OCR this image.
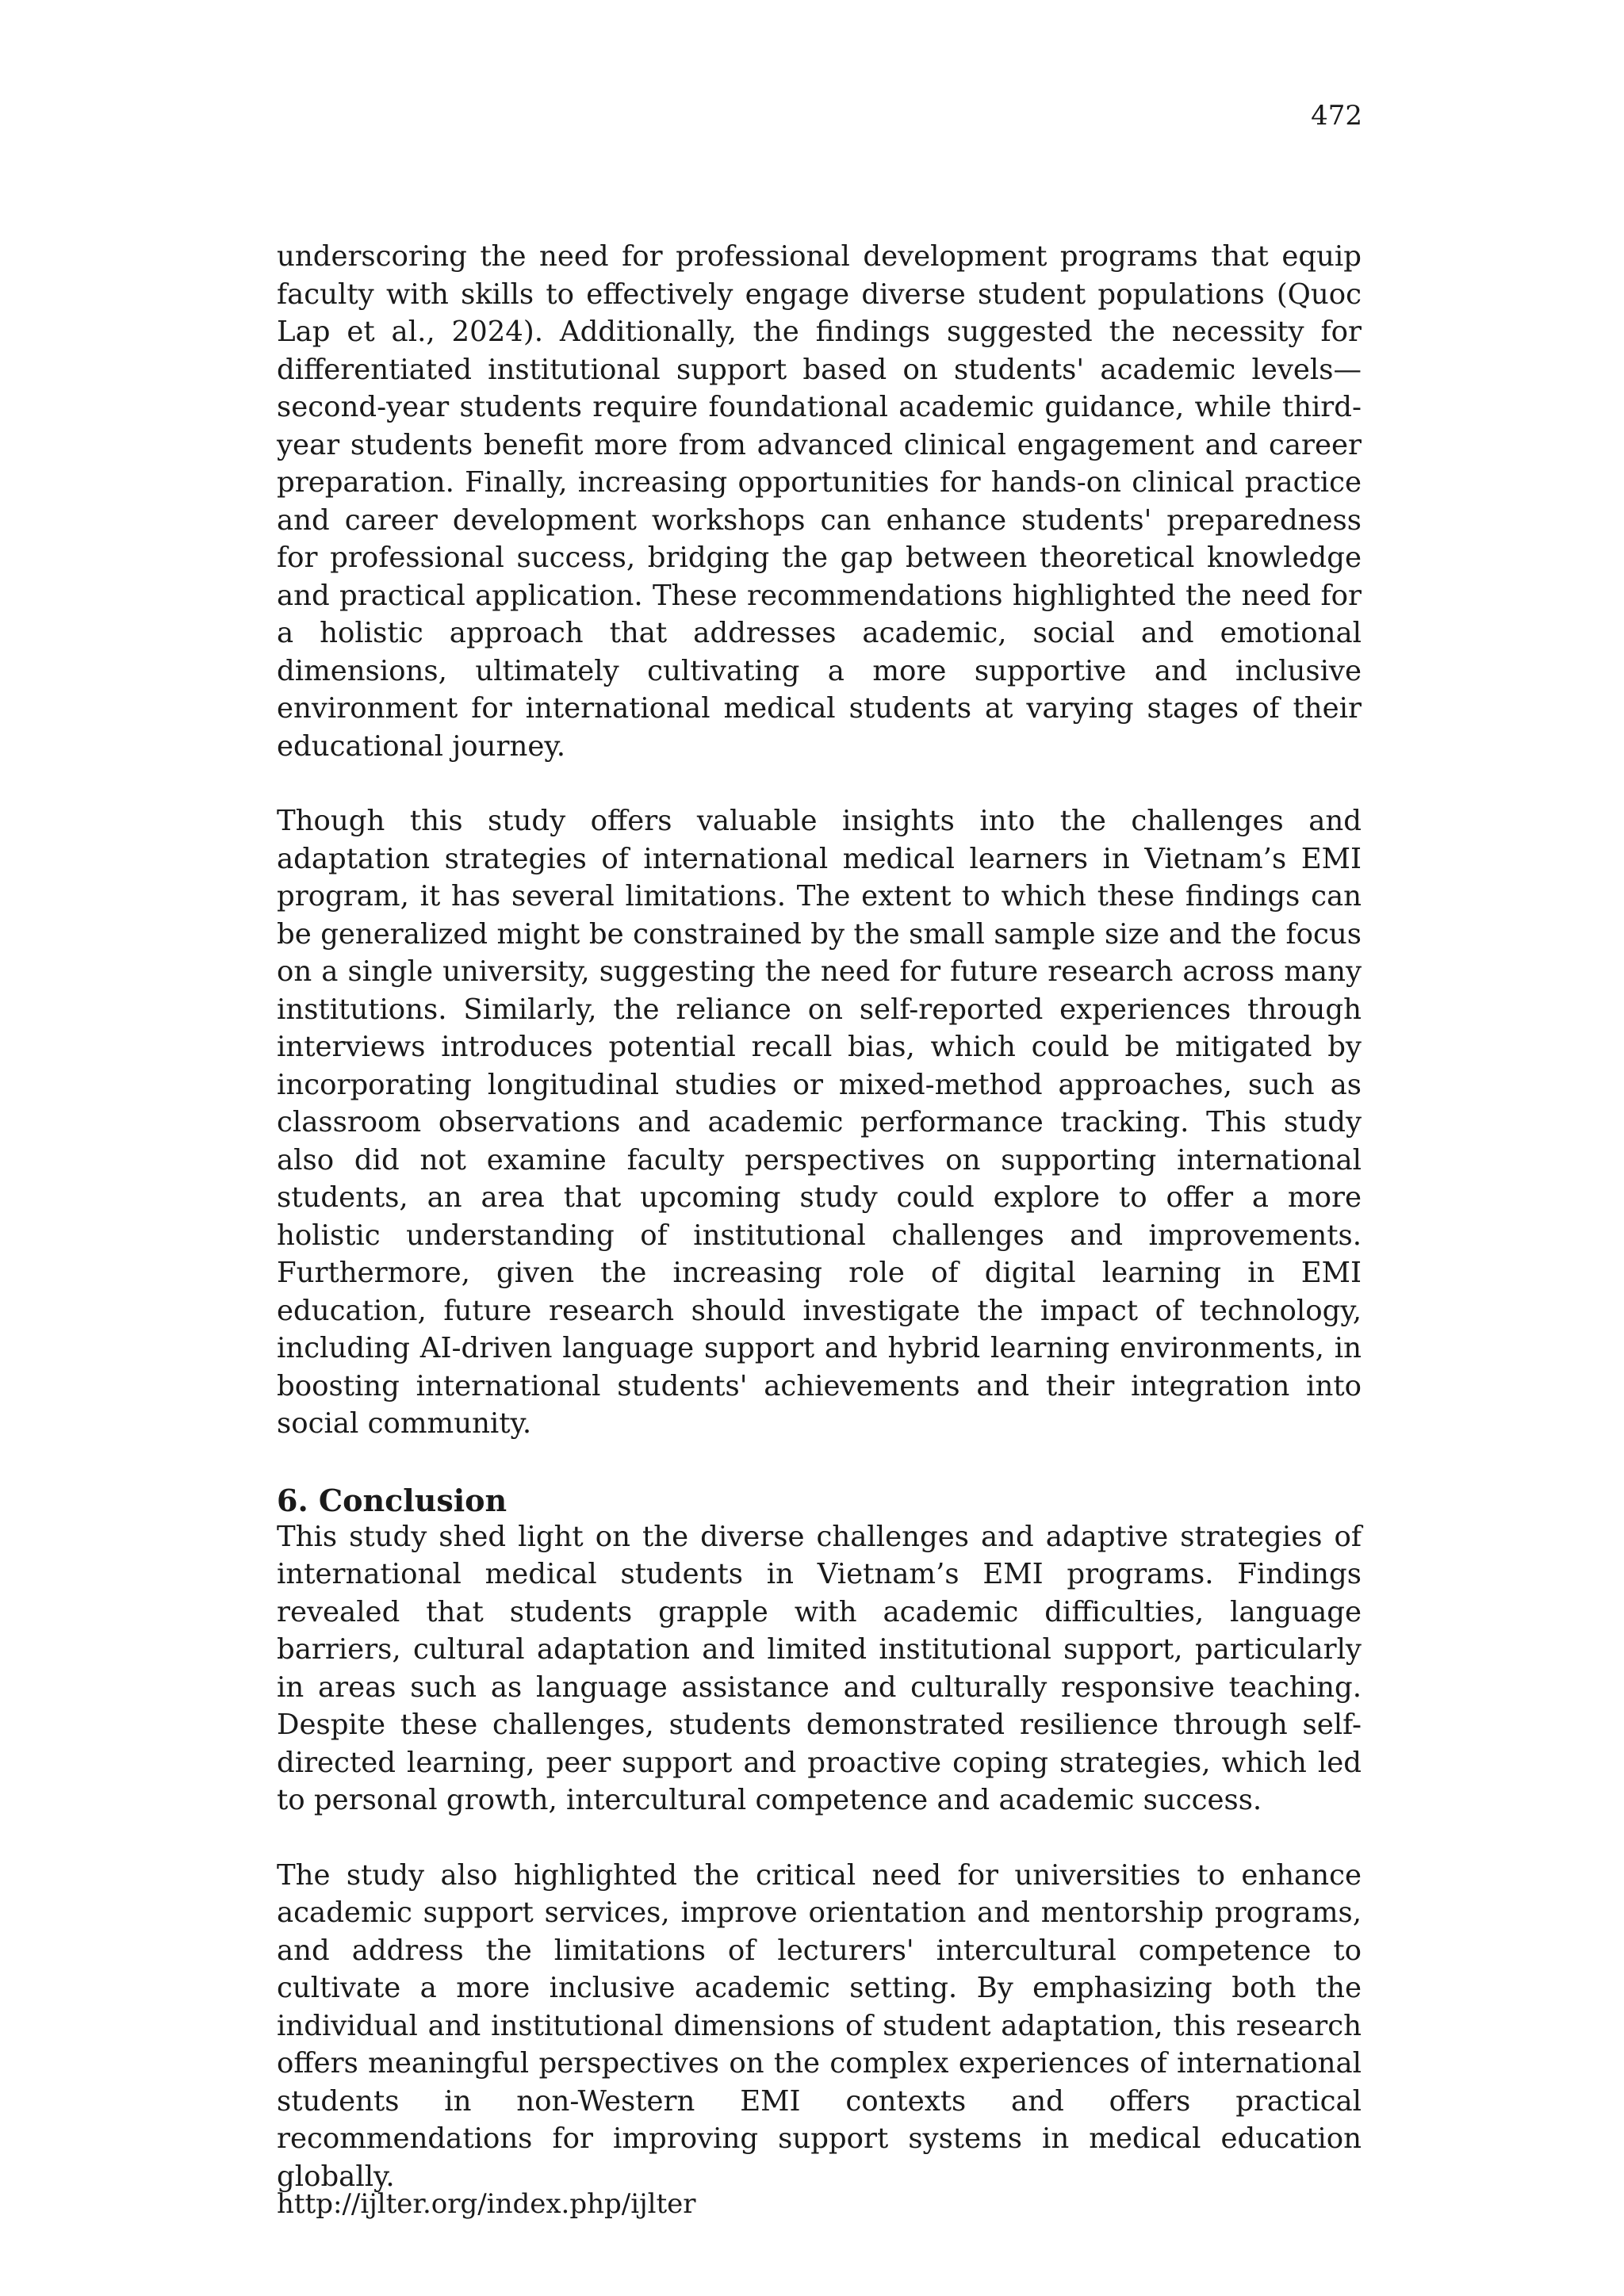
472

underscoring the need for professional development programs that equip faculty with skills to effectively engage diverse student populations (Quoc Lap et al., 2024). Additionally, the findings suggested the necessity for differentiated institutional support based on students' academic levels—second-year students require foundational academic guidance, while third-year students benefit more from advanced clinical engagement and career preparation. Finally, increasing opportunities for hands-on clinical practice and career development workshops can enhance students' preparedness for professional success, bridging the gap between theoretical knowledge and practical application. These recommendations highlighted the need for a holistic approach that addresses academic, social and emotional dimensions, ultimately cultivating a more supportive and inclusive environment for international medical students at varying stages of their educational journey.

Though this study offers valuable insights into the challenges and adaptation strategies of international medical learners in Vietnam’s EMI program, it has several limitations. The extent to which these findings can be generalized might be constrained by the small sample size and the focus on a single university, suggesting the need for future research across many institutions. Similarly, the reliance on self-reported experiences through interviews introduces potential recall bias, which could be mitigated by incorporating longitudinal studies or mixed-method approaches, such as classroom observations and academic performance tracking. This study also did not examine faculty perspectives on supporting international students, an area that upcoming study could explore to offer a more holistic understanding of institutional challenges and improvements. Furthermore, given the increasing role of digital learning in EMI education, future research should investigate the impact of technology, including AI-driven language support and hybrid learning environments, in boosting international students' achievements and their integration into social community.

6. Conclusion

This study shed light on the diverse challenges and adaptive strategies of international medical students in Vietnam’s EMI programs. Findings revealed that students grapple with academic difficulties, language barriers, cultural adaptation and limited institutional support, particularly in areas such as language assistance and culturally responsive teaching. Despite these challenges, students demonstrated resilience through self-directed learning, peer support and proactive coping strategies, which led to personal growth, intercultural competence and academic success.

The study also highlighted the critical need for universities to enhance academic support services, improve orientation and mentorship programs, and address the limitations of lecturers' intercultural competence to cultivate a more inclusive academic setting. By emphasizing both the individual and institutional dimensions of student adaptation, this research offers meaningful perspectives on the complex experiences of international students in non-Western EMI contexts and offers practical recommendations for improving support systems in medical education globally.

http://ijlter.org/index.php/ijlter
